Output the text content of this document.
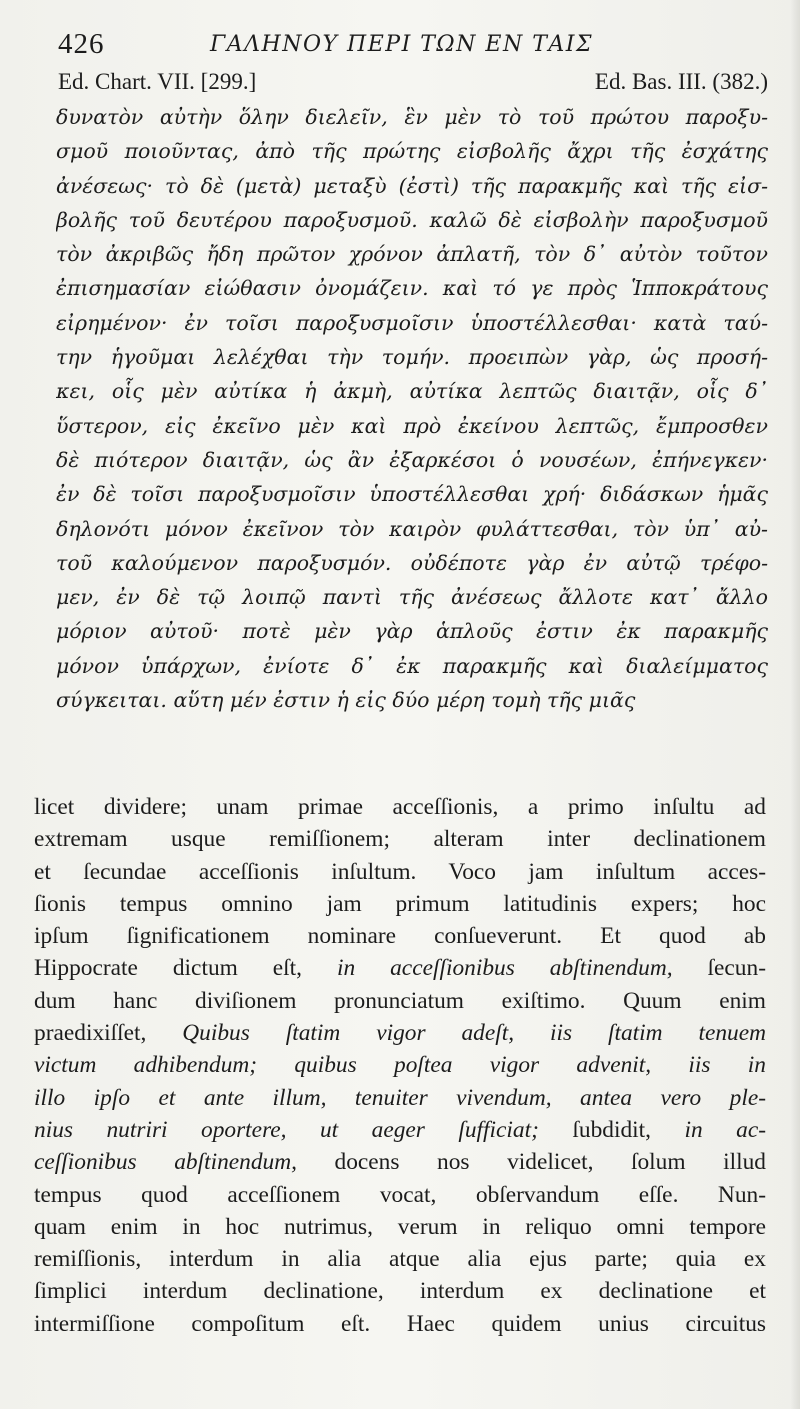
426	ΓΑΛΗΝΟΥ ΠΕΡΙ ΤΩΝ ΕΝ ΤΑΙΣ
Ed. Chart. VII. [299.]	Ed. Bas. III. (382.)
δυνατὸν αὐτὴν ὅλην διελεῖν, ἓν μὲν τὸ τοῦ πρώτου παροξυ-
σμοῦ ποιοῦντας, ἀπὸ τῆς πρώτης εἰσβολῆς ἄχρι τῆς ἐσχάτης
ἀνέσεως· τὸ δὲ (μετὰ) μεταξὺ (ἐστὶ) τῆς παρακμῆς καὶ τῆς εἰσ-
βολῆς τοῦ δευτέρου παροξυσμοῦ. καλῶ δὲ εἰσβολὴν παροξυσμοῦ
τὸν ἀκριβῶς ἤδη πρῶτον χρόνον ἀπλατῆ, τὸν δ᾽ αὐτὸν τοῦτον
ἐπισημασίαν εἰώθασιν ὀνομάζειν. καὶ τό γε πρὸς Ἱπποκράτους
εἰρημένον· ἐν τοῖσι παροξυσμοῖσιν ὑποστέλλεσθαι· κατὰ ταύ-
την ἡγοῦμαι λελέχθαι τὴν τομήν. προειπὼν γὰρ, ὡς προσή-
κει, οἷς μὲν αὐτίκα ἡ ἀκμὴ, αὐτίκα λεπτῶς διαιτᾷν, οἷς δ᾽
ὕστερον, εἰς ἐκεῖνο μὲν καὶ πρὸ ἐκείνου λεπτῶς, ἔμπροσθεν
δὲ πιότερον διαιτᾷν, ὡς ἂν ἐξαρκέσοι ὁ νουσέων, ἐπήνεγκεν·
ἐν δὲ τοῖσι παροξυσμοῖσιν ὑποστέλλεσθαι χρή· διδάσκων ἡμᾶς
δηλονότι μόνον ἐκεῖνον τὸν καιρὸν φυλάττεσθαι, τὸν ὑπ᾽ αὐ-
τοῦ καλούμενον παροξυσμόν. οὐδέποτε γὰρ ἐν αὐτῷ τρέφο-
μεν, ἐν δὲ τῷ λοιπῷ παντὶ τῆς ἀνέσεως ἄλλοτε κατ᾽ ἄλλο
μόριον αὐτοῦ· ποτὲ μὲν γὰρ ἁπλοῦς ἐστιν ἐκ παρακμῆς
μόνον ὑπάρχων, ἐνίοτε δ᾽ ἐκ παρακμῆς καὶ διαλείμματος
σύγκειται. αὕτη μέν ἐστιν ἡ εἰς δύο μέρη τομὴ τῆς μιᾶς
licet dividere; unam primae acceſſionis, a primo inſultu ad
extremam usque remiſſionem; alteram inter declinationem
et ſecundae acceſſionis inſultum. Voco jam inſultum acces-
ſionis tempus omnino jam primum latitudinis expers; hoc
ipſum ſignificationem nominare conſueverunt. Et quod ab
Hippocrate dictum eſt, in acceſſionibus abſtinendum, ſecun-
dum hanc diviſionem pronunciatum exiſtimo. Quum enim
praedixiſſet, Quibus ſtatim vigor adeſt, iis ſtatim tenuem
victum adhibendum; quibus poſtea vigor advenit, iis in
illo ipſo et ante illum, tenuiter vivendum, antea vero ple-
nius nutriri oportere, ut aeger ſufficiat; ſubdidit, in ac-
ceſſionibus abſtinendum, docens nos videlicet, ſolum illud
tempus quod acceſſionem vocat, obſervandum eſſe. Nun-
quam enim in hoc nutrimus, verum in reliquo omni tempore
remiſſionis, interdum in alia atque alia ejus parte; quia ex
ſimplici interdum declinatione, interdum ex declinatione et
intermiſſione compoſitum eſt. Haec quidem unius circuitus
